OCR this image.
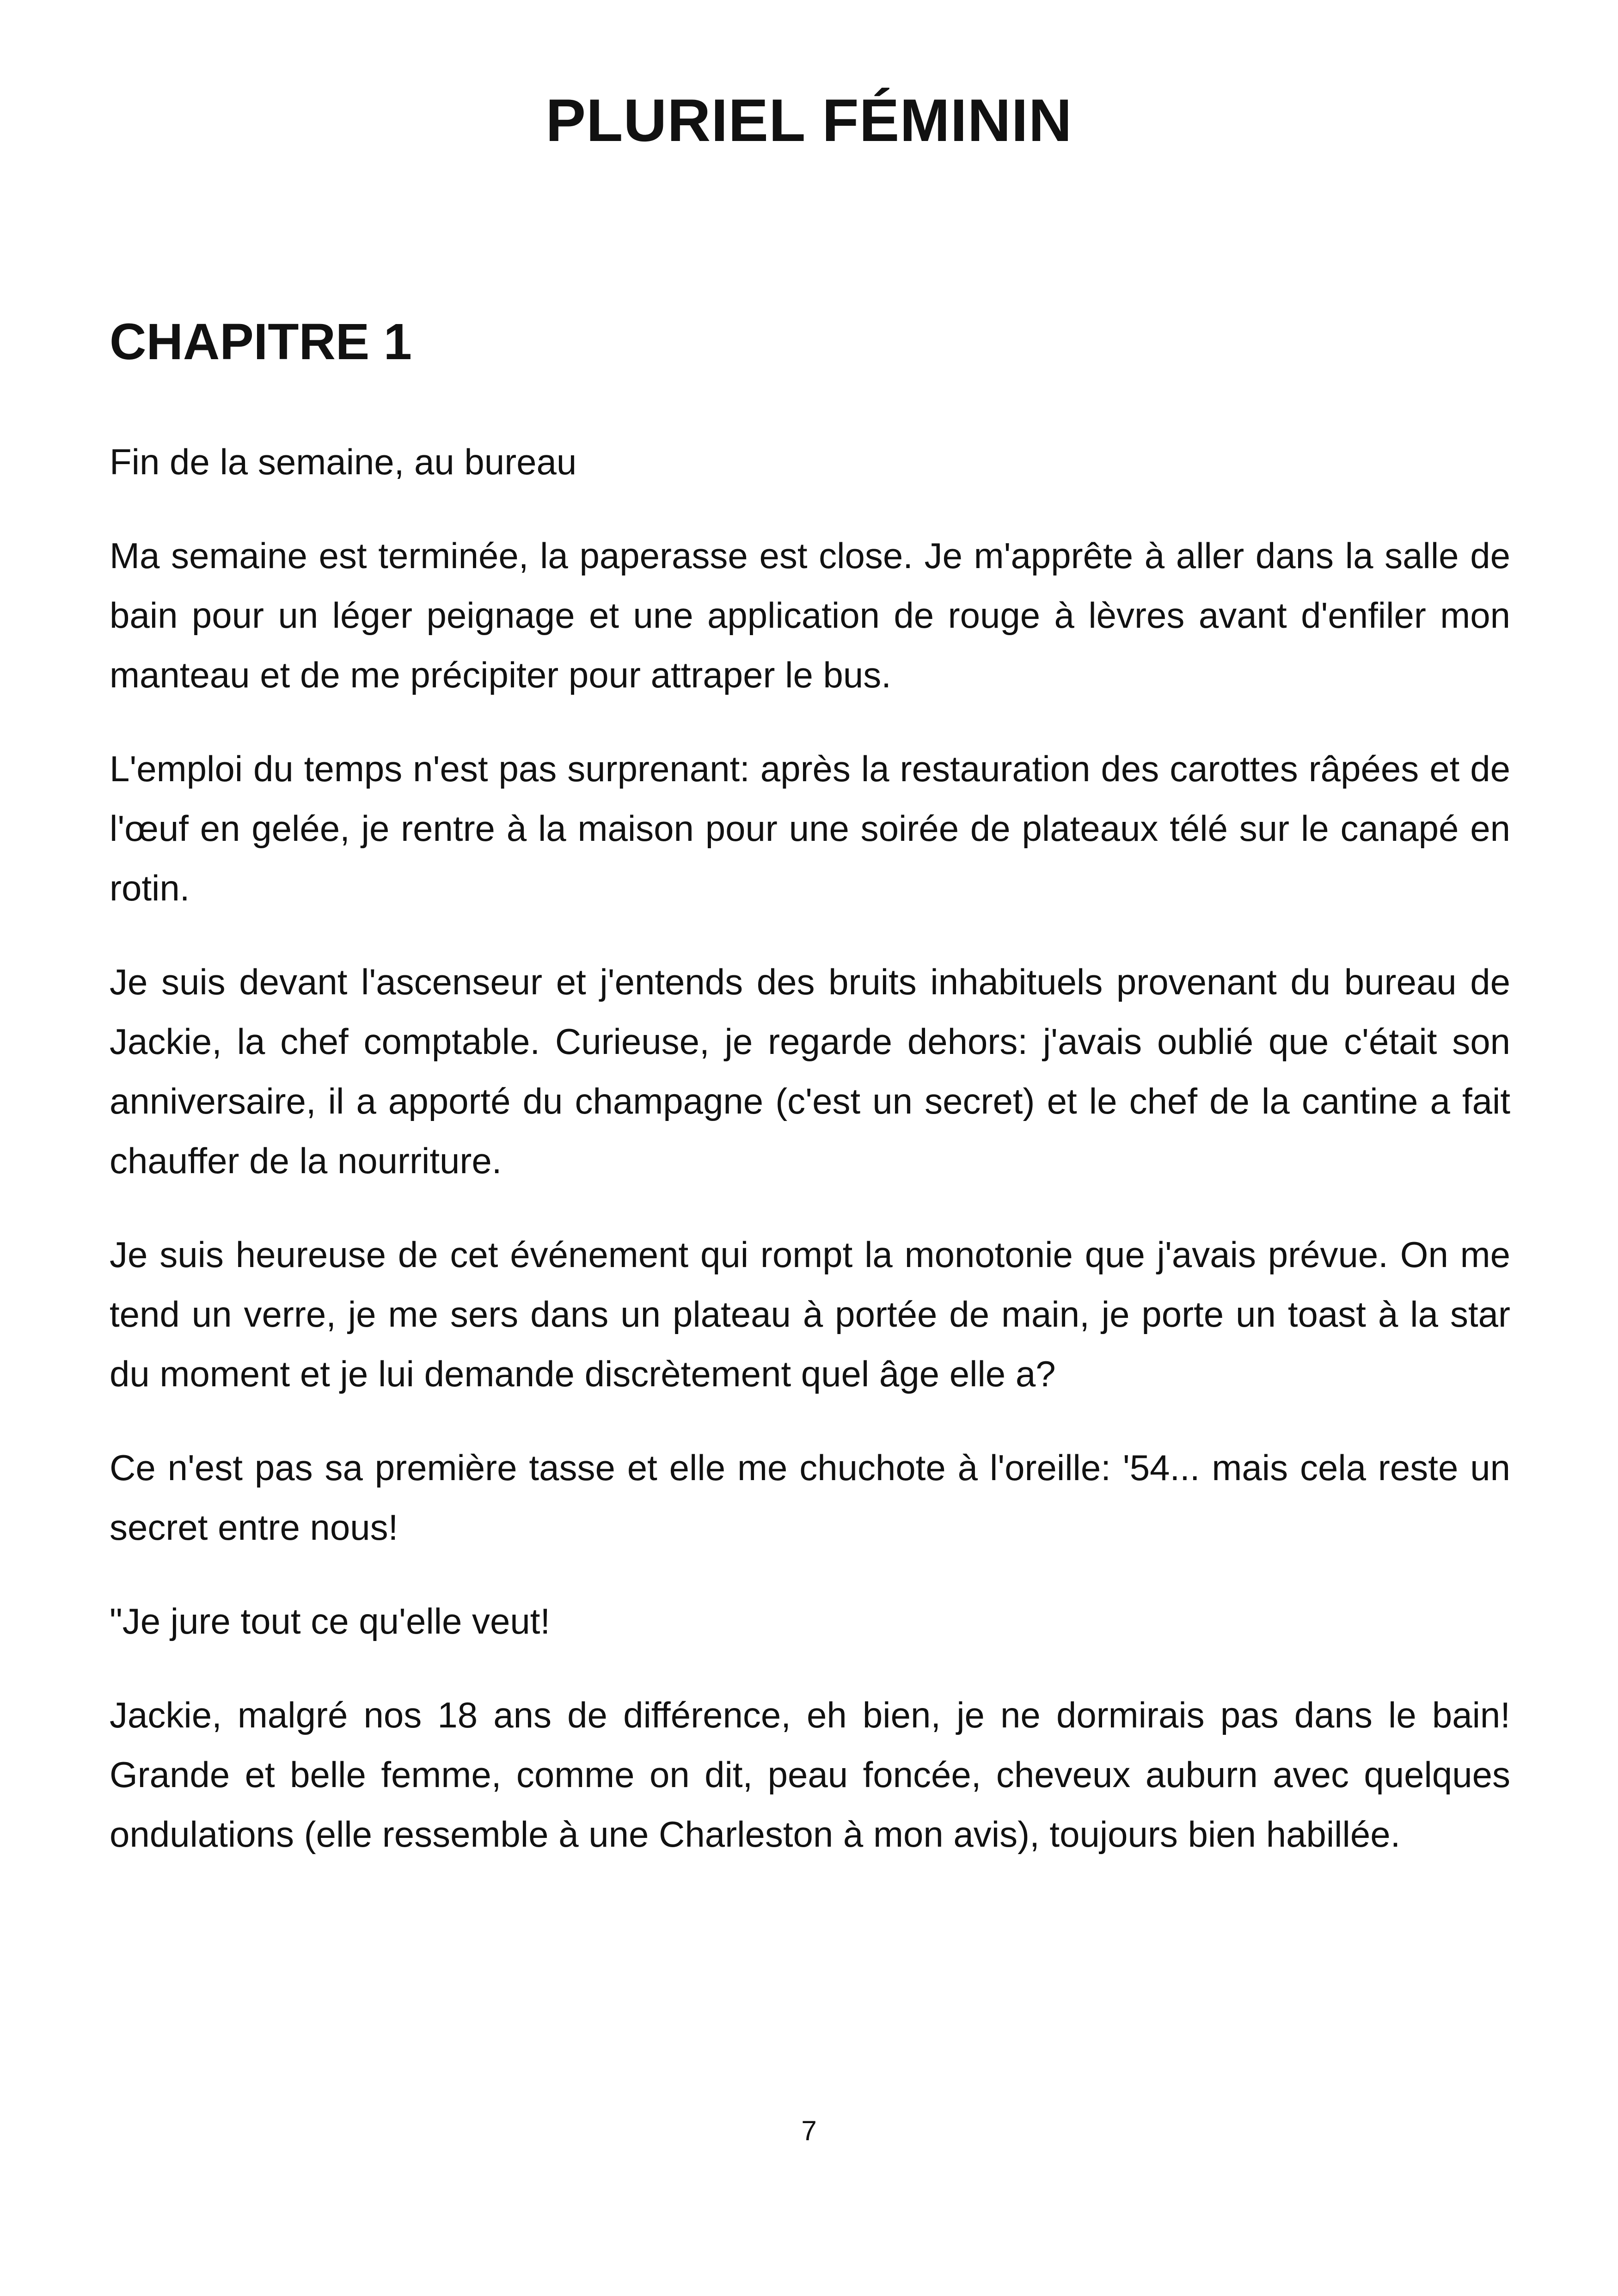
PLURIEL FÉMININ
CHAPITRE 1

Fin de la semaine, au bureau

Ma semaine est terminée, la paperasse est close. Je m'apprête à aller dans la salle de bain pour un léger peignage et une application de rouge à lèvres avant d'enfiler mon manteau et de me précipiter pour attraper le bus.

L'emploi du temps n'est pas surprenant: après la restauration des carottes râpées et de l'œuf en gelée, je rentre à la maison pour une soirée de plateaux télé sur le canapé en rotin.

Je suis devant l'ascenseur et j'entends des bruits inhabituels provenant du bureau de Jackie, la chef comptable. Curieuse, je regarde dehors: j'avais oublié que c'était son anniversaire, il a apporté du champagne (c'est un secret) et le chef de la cantine a fait chauffer de la nourriture.

Je suis heureuse de cet événement qui rompt la monotonie que j'avais prévue. On me tend un verre, je me sers dans un plateau à portée de main, je porte un toast à la star du moment et je lui demande discrètement quel âge elle a?

Ce n'est pas sa première tasse et elle me chuchote à l'oreille: '54... mais cela reste un secret entre nous!

"Je jure tout ce qu'elle veut!

Jackie, malgré nos 18 ans de différence, eh bien, je ne dormirais pas dans le bain! Grande et belle femme, comme on dit, peau foncée, cheveux auburn avec quelques ondulations (elle ressemble à une Charleston à mon avis), toujours bien habillée.

7
